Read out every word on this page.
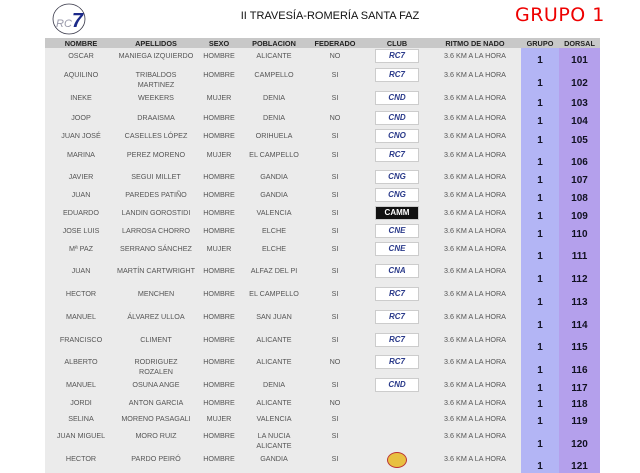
RC7	II TRAVESÍA-ROMERÍA SANTA FAZ	GRUPO 1
NOMBRE	APELLIDOS	SEXO	POBLACION	FEDERADO	CLUB	RITMO DE NADO	GRUPO	DORSAL
OSCAR	MANIEGA IZQUIERDO	HOMBRE	ALICANTE	NO	RC7	3.6 KM A LA HORA	1	101
AQUILINO	TRIBALDOS MARTINEZ	HOMBRE	CAMPELLO	SI	RC7	3.6 KM A LA HORA	1	102
INEKE	WEEKERS	MUJER	DENIA	SI	CND	3.6 KM A LA HORA	1	103
JOOP	DRAAISMA	HOMBRE	DENIA	NO	CND	3.6 KM A LA HORA	1	104
JUAN JOSÉ	CASELLES LÓPEZ	HOMBRE	ORIHUELA	SI	CNO	3.6 KM A LA HORA	1	105
MARINA	PEREZ MORENO	MUJER	EL CAMPELLO	SI	RC7	3.6 KM A LA HORA	1	106
JAVIER	SEGUI MILLET	HOMBRE	GANDIA	SI	CNG	3.6 KM A LA HORA	1	107
JUAN	PAREDES PATIÑO	HOMBRE	GANDIA	SI	CNG	3.6 KM A LA HORA	1	108
EDUARDO	LANDIN GOROSTIDI	HOMBRE	VALENCIA	SI	CAMM	3.6 KM A LA HORA	1	109
JOSE LUIS	LARROSA CHORRO	HOMBRE	ELCHE	SI	CNE	3.6 KM A LA HORA	1	110
Mª PAZ	SERRANO SÁNCHEZ	MUJER	ELCHE	SI	CNE	3.6 KM A LA HORA	1	111
JUAN	MARTÍN CARTWRIGHT	HOMBRE	ALFAZ DEL PI	SI	CNA	3.6 KM A LA HORA	1	112
HECTOR	MENCHEN	HOMBRE	EL CAMPELLO	SI	RC7	3.6 KM A LA HORA	1	113
MANUEL	ÁLVAREZ ULLOA	HOMBRE	SAN JUAN	SI	RC7	3.6 KM A LA HORA	1	114
FRANCISCO	CLIMENT	HOMBRE	ALICANTE	SI	RC7	3.6 KM A LA HORA	1	115
ALBERTO	RODRIGUEZ ROZALEN	HOMBRE	ALICANTE	NO	RC7	3.6 KM A LA HORA	1	116
MANUEL	OSUNA ANGE	HOMBRE	DENIA	SI	CND	3.6 KM A LA HORA	1	117
JORDI	ANTON GARCIA	HOMBRE	ALICANTE	NO		3.6 KM A LA HORA	1	118
SELINA	MORENO PASAGALI	MUJER	VALENCIA	SI		3.6 KM A LA HORA	1	119
JUAN MIGUEL	MORO RUIZ	HOMBRE	LA NUCIA ALICANTE	SI		3.6 KM A LA HORA	1	120
HECTOR	PARDO PEIRÓ	HOMBRE	GANDIA	SI		3.6 KM A LA HORA	1	121
